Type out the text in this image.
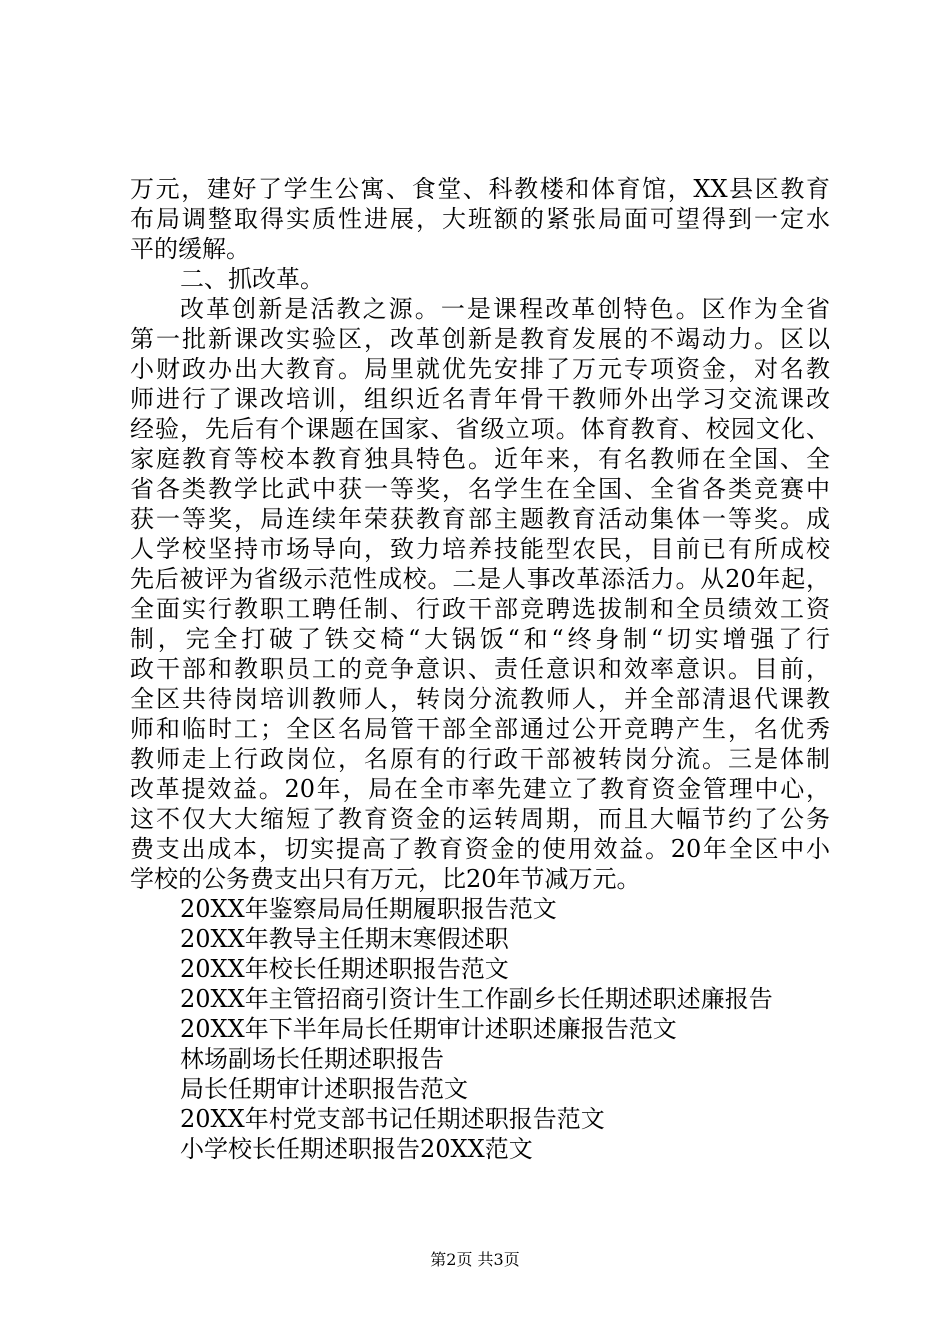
万元，建好了学生公寓、食堂、科教楼和体育馆，XX县区教育
布局调整取得实质性进展，大班额的紧张局面可望得到一定水
平的缓解。
二、抓改革。
改革创新是活教之源。一是课程改革创特色。区作为全省
第一批新课改实验区，改革创新是教育发展的不竭动力。区以
小财政办出大教育。局里就优先安排了万元专项资金，对名教
师进行了课改培训，组织近名青年骨干教师外出学习交流课改
经验，先后有个课题在国家、省级立项。体育教育、校园文化、
家庭教育等校本教育独具特色。近年来，有名教师在全国、全
省各类教学比武中获一等奖，名学生在全国、全省各类竞赛中
获一等奖，局连续年荣获教育部主题教育活动集体一等奖。成
人学校坚持市场导向，致力培养技能型农民，目前已有所成校
先后被评为省级示范性成校。二是人事改革添活力。从20年起，
全面实行教职工聘任制、行政干部竞聘选拔制和全员绩效工资
制，完全打破了铁交椅“大锅饭“和“终身制“切实增强了行
政干部和教职员工的竞争意识、责任意识和效率意识。目前，
全区共待岗培训教师人，转岗分流教师人，并全部清退代课教
师和临时工；全区名局管干部全部通过公开竞聘产生，名优秀
教师走上行政岗位，名原有的行政干部被转岗分流。三是体制
改革提效益。20年，局在全市率先建立了教育资金管理中心，
这不仅大大缩短了教育资金的运转周期，而且大幅节约了公务
费支出成本，切实提高了教育资金的使用效益。20年全区中小
学校的公务费支出只有万元，比20年节减万元。
20XX年鉴察局局任期履职报告范文
20XX年教导主任期末寒假述职
20XX年校长任期述职报告范文
20XX年主管招商引资计生工作副乡长任期述职述廉报告
20XX年下半年局长任期审计述职述廉报告范文
林场副场长任期述职报告
局长任期审计述职报告范文
20XX年村党支部书记任期述职报告范文
小学校长任期述职报告20XX范文
第2页 共3页
